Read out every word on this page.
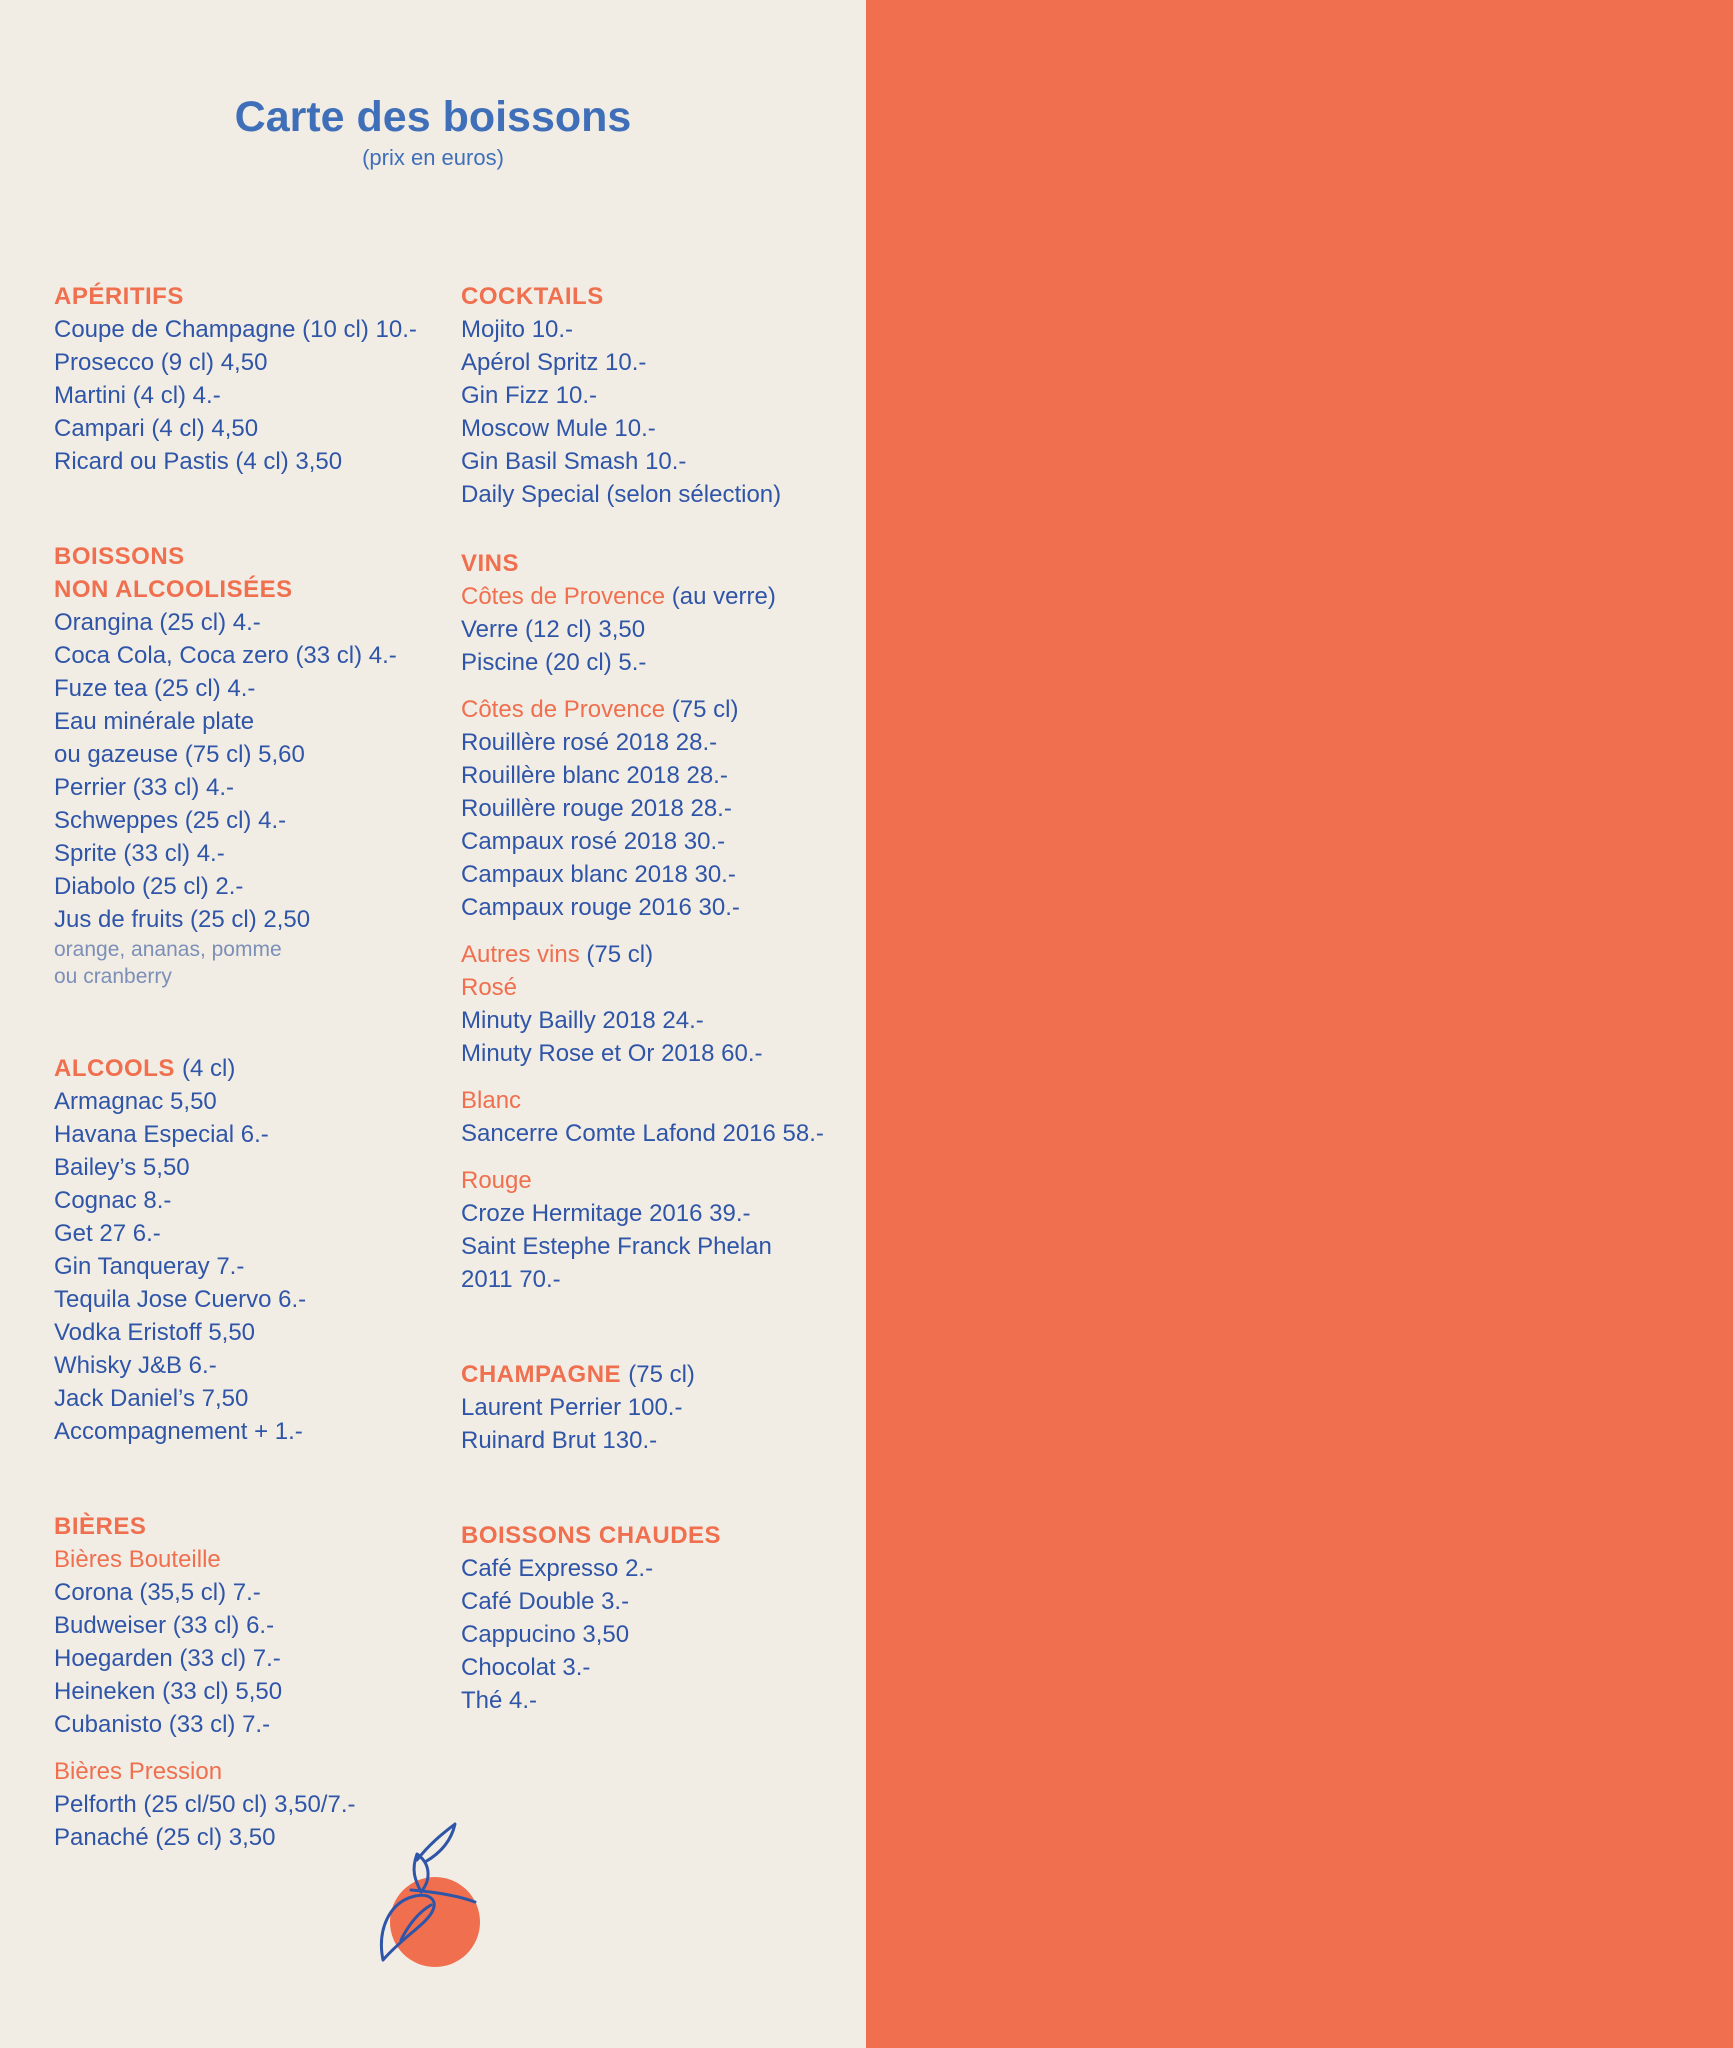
Carte des boissons
(prix en euros)
APÉRITIFS
Coupe de Champagne (10 cl) 10.-
Prosecco (9 cl) 4,50
Martini (4 cl) 4.-
Campari (4 cl) 4,50
Ricard ou Pastis (4 cl) 3,50
BOISSONS
NON ALCOOLISÉES
Orangina (25 cl) 4.-
Coca Cola, Coca zero (33 cl) 4.-
Fuze tea (25 cl) 4.-
Eau minérale plate
ou gazeuse (75 cl) 5,60
Perrier (33 cl) 4.-
Schweppes (25 cl) 4.-
Sprite (33 cl) 4.-
Diabolo (25 cl) 2.-
Jus de fruits (25 cl) 2,50
orange, ananas, pomme
ou cranberry
ALCOOLS (4 cl)
Armagnac 5,50
Havana Especial 6.-
Bailey’s 5,50
Cognac 8.-
Get 27 6.-
Gin Tanqueray 7.-
Tequila Jose Cuervo 6.-
Vodka Eristoff 5,50
Whisky J&B 6.-
Jack Daniel’s 7,50
Accompagnement + 1.-
BIÈRES
Bières Bouteille
Corona (35,5 cl) 7.-
Budweiser (33 cl) 6.-
Hoegarden (33 cl) 7.-
Heineken (33 cl) 5,50
Cubanisto (33 cl) 7.-
Bières Pression
Pelforth (25 cl/50 cl) 3,50/7.-
Panaché (25 cl) 3,50
COCKTAILS
Mojito 10.-
Apérol Spritz 10.-
Gin Fizz 10.-
Moscow Mule 10.-
Gin Basil Smash 10.-
Daily Special (selon sélection)
VINS
Côtes de Provence (au verre)
Verre (12 cl) 3,50
Piscine (20 cl) 5.-
Côtes de Provence (75 cl)
Rouillère rosé 2018 28.-
Rouillère blanc 2018 28.-
Rouillère rouge 2018 28.-
Campaux rosé 2018 30.-
Campaux blanc 2018 30.-
Campaux rouge 2016 30.-
Autres vins (75 cl)
Rosé
Minuty Bailly 2018 24.-
Minuty Rose et Or 2018 60.-
Blanc
Sancerre Comte Lafond 2016 58.-
Rouge
Croze Hermitage 2016 39.-
Saint Estephe Franck Phelan
2011 70.-
CHAMPAGNE (75 cl)
Laurent Perrier 100.-
Ruinard Brut 130.-
BOISSONS CHAUDES
Café Expresso 2.-
Café Double 3.-
Cappucino 3,50
Chocolat 3.-
Thé 4.-
